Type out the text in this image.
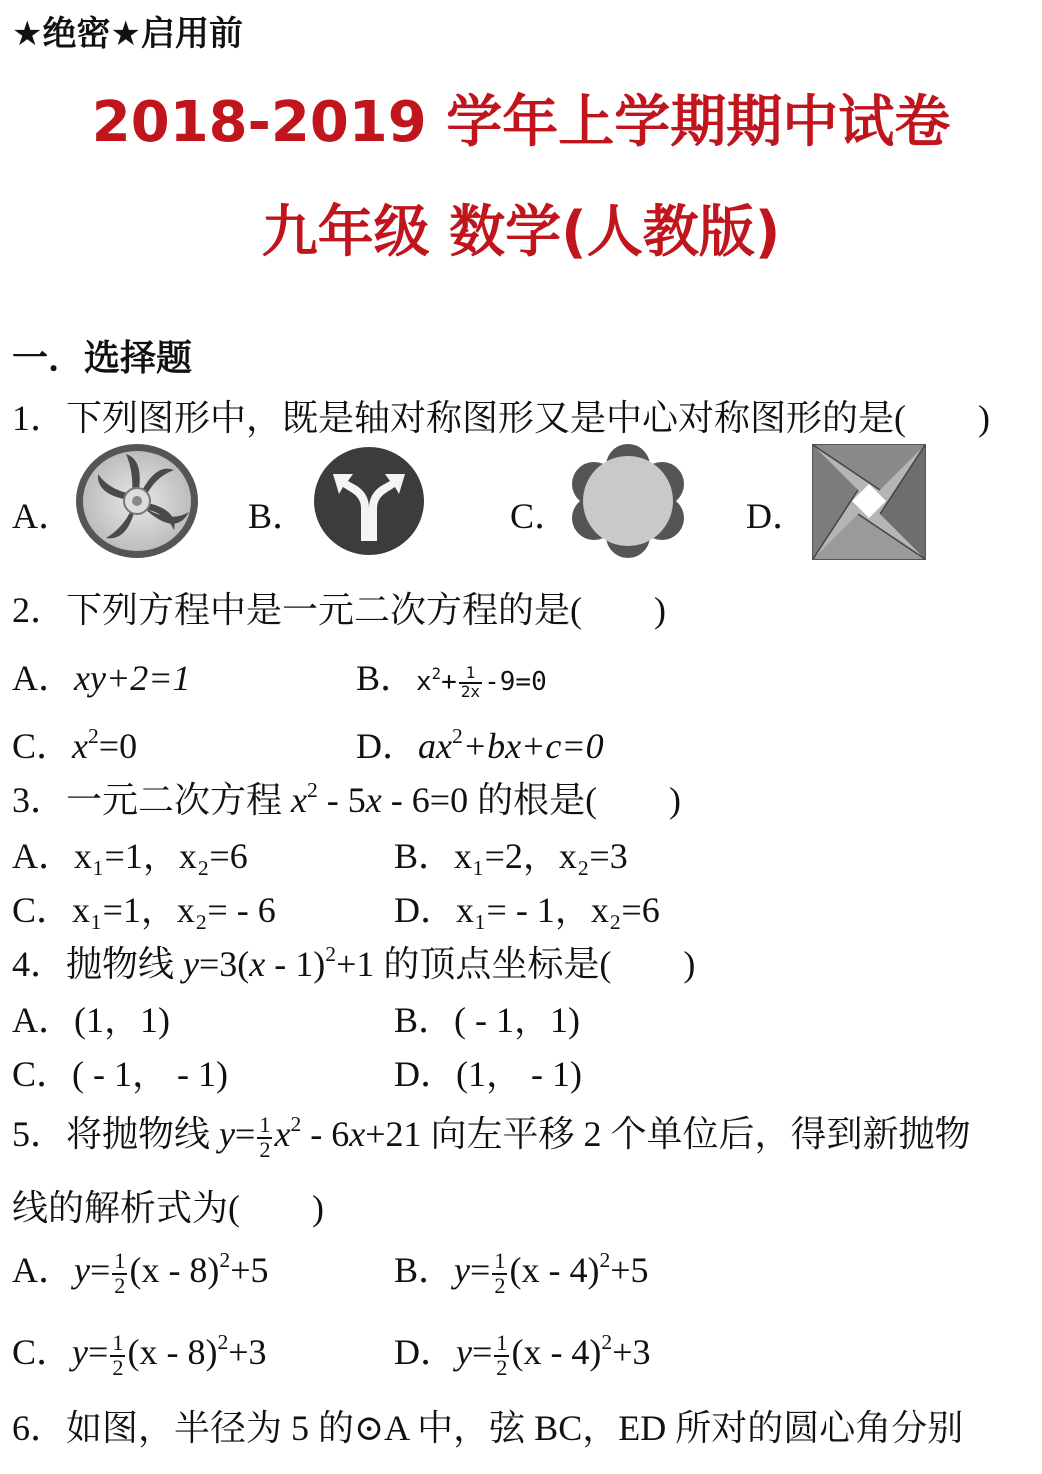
★绝密★启用前
2018-2019 学年上学期期中试卷
九年级 数学(人教版)
一．选择题
1．下列图形中，既是轴对称图形又是中心对称图形的是(　　)
A．	B．	C．	D．
2．下列方程中是一元二次方程的是(　　)
A．xy+2=1	B．$x^2+ \frac{1}{2x} -9=0$
C．$x^2=0$	D．$ax^2+bx+c=0$
3．一元二次方程 $x^2 - 5x - 6=0$ 的根是(　　)
A．x₁=1，x₂=6	B．x₁=2，x₂=3
C．x₁=1，x₂= - 6	D．x₁= - 1，x₂=6
4．抛物线 y=3(x - 1)$^2$+1 的顶点坐标是(　　)
A．(1，1)	B．( - 1，1)
C．( - 1， - 1)	D．(1， - 1)
5．将抛物线 $y= \frac{1}{2} x^2 - 6x+21$ 向左平移 2 个单位后，得到新抛物
线的解析式为(　　)
A．$y= \frac{1}{2} (x - 8)^2+5$	B．$y= \frac{1}{2} (x - 4)^2+5$
C．$y= \frac{1}{2} (x - 8)^2+3$	D．$y= \frac{1}{2} (x - 4)^2+3$
6．如图，半径为 5 的⊙A 中，弦 BC，ED 所对的圆心角分别
